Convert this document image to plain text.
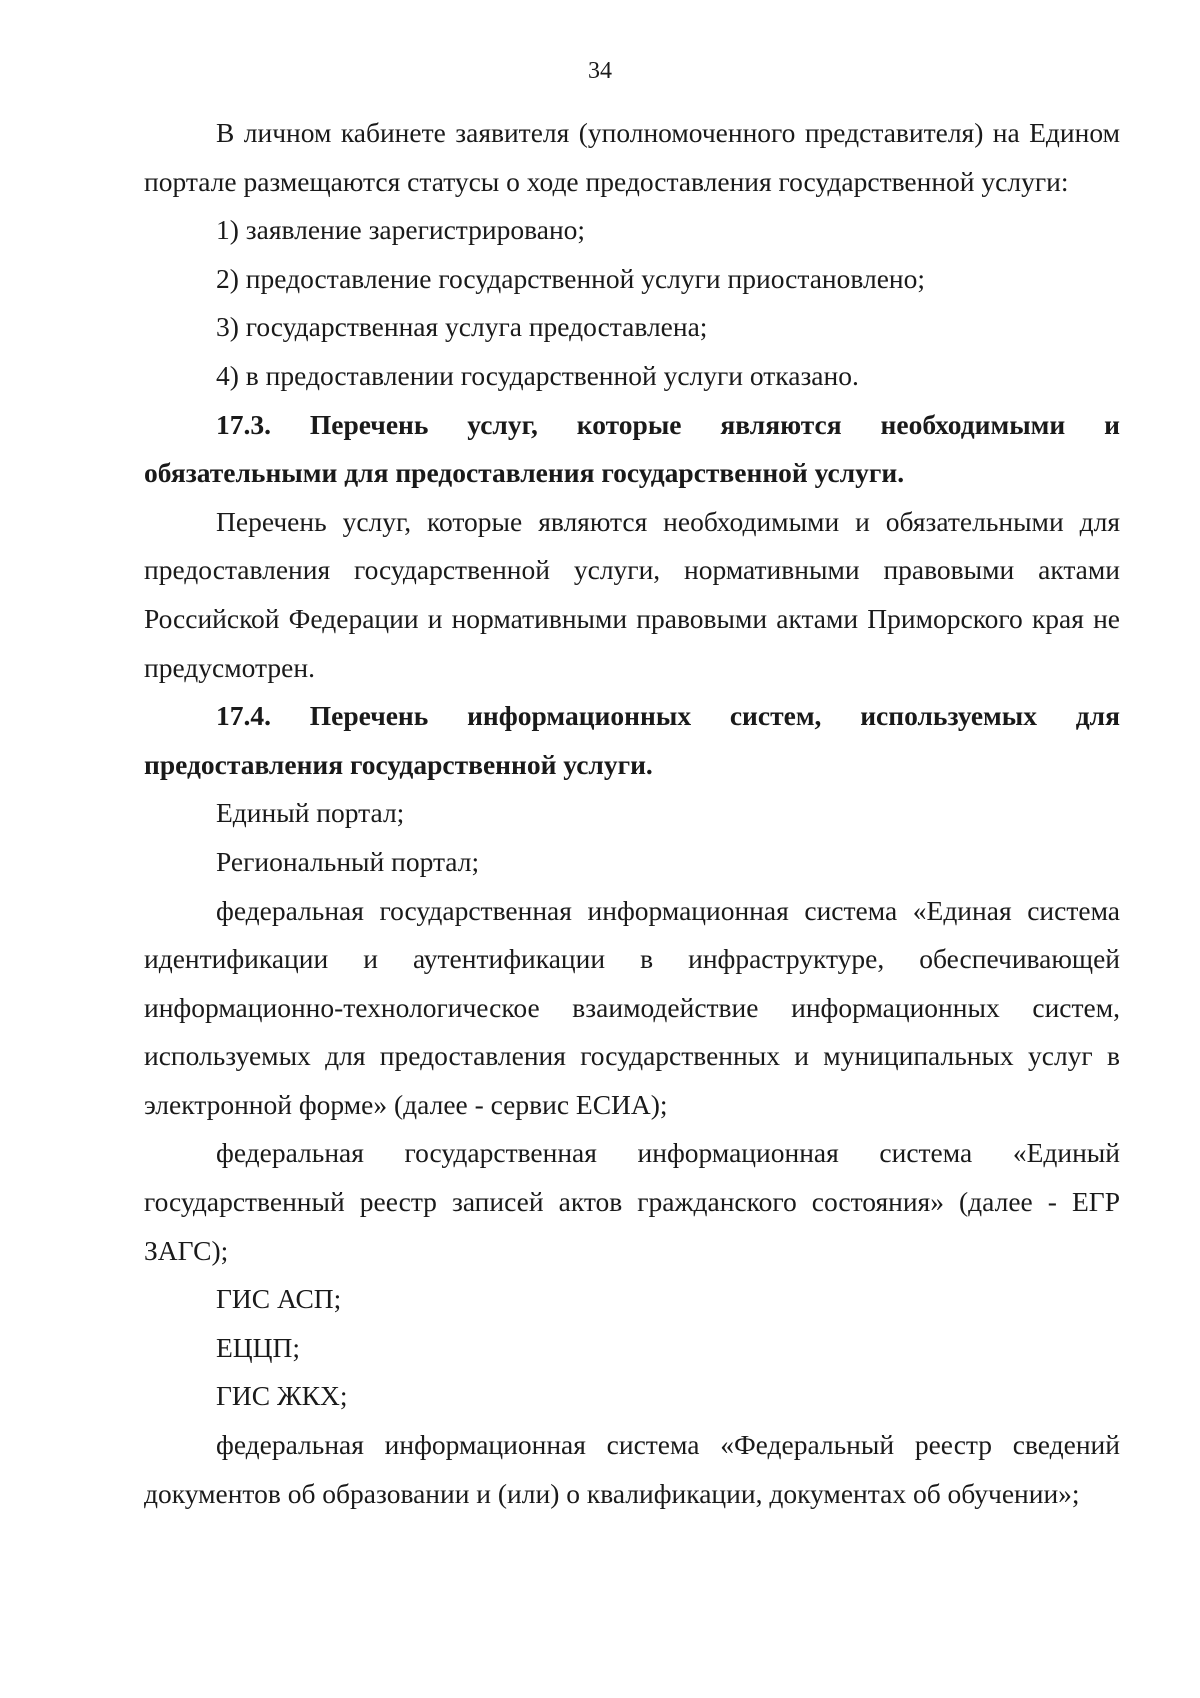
34

В личном кабинете заявителя (уполномоченного представителя) на Едином портале размещаются статусы о ходе предоставления государственной услуги:

1) заявление зарегистрировано;

2) предоставление государственной услуги приостановлено;

3) государственная услуга предоставлена;

4) в предоставлении государственной услуги отказано.

17.3. Перечень услуг, которые являются необходимыми и обязательными для предоставления государственной услуги.

Перечень услуг, которые являются необходимыми и обязательными для предоставления государственной услуги, нормативными правовыми актами Российской Федерации и нормативными правовыми актами Приморского края не предусмотрен.

17.4. Перечень информационных систем, используемых для предоставления государственной услуги.

Единый портал;

Региональный портал;

федеральная государственная информационная система «Единая система идентификации и аутентификации в инфраструктуре, обеспечивающей информационно-технологическое взаимодействие информационных систем, используемых для предоставления государственных и муниципальных услуг в электронной форме» (далее - сервис ЕСИА);

федеральная государственная информационная система «Единый государственный реестр записей актов гражданского состояния» (далее - ЕГР ЗАГС);

ГИС АСП;

ЕЦЦП;

ГИС ЖКХ;

федеральная информационная система «Федеральный реестр сведений документов об образовании и (или) о квалификации, документах об обучении»;
